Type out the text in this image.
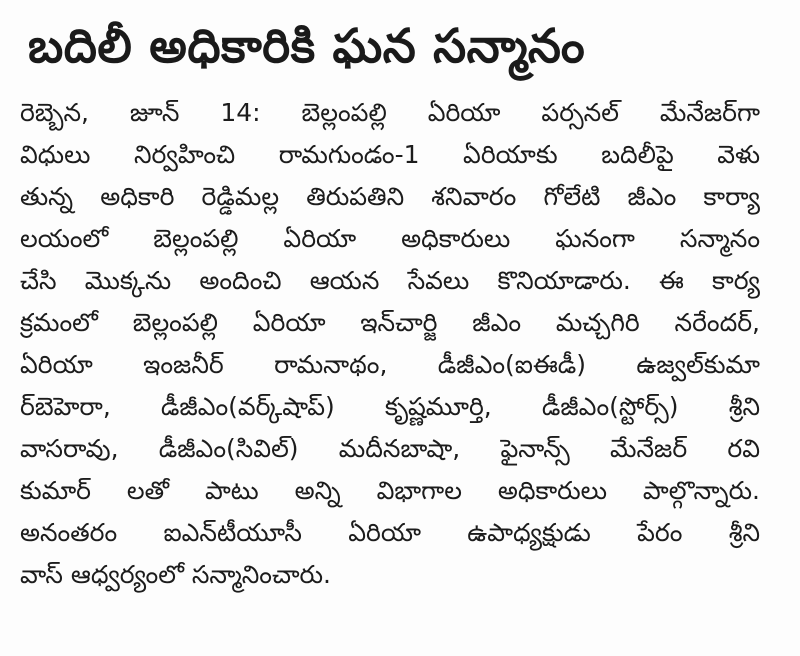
బదిలీ అధికారికి ఘన సన్మానం
రెబ్బెన, జూన్ 14: బెల్లంపల్లి ఏరియా పర్సనల్ మేనేజర్‌గా
విధులు నిర్వహించి రామగుండం-1 ఏరియాకు బదిలీపై వెళు
తున్న అధికారి రెడ్డిమల్ల తిరుపతిని శనివారం గోలేటి జీఎం కార్యా
లయంలో బెల్లంపల్లి ఏరియా అధికారులు ఘనంగా సన్మానం
చేసి మొక్కను అందించి ఆయన సేవలు కొనియాడారు. ఈ కార్య
క్రమంలో బెల్లంపల్లి ఏరియా ఇన్‌చార్జి జీఎం మచ్చగిరి నరేందర్,
ఏరియా ఇంజనీర్ రామనాథం, డీజీఎం(ఐఈడీ) ఉజ్వల్‌కుమా
ర్‌బెహెరా, డీజీఎం(వర్క్‌షాప్) కృష్ణమూర్తి, డీజీఎం(స్టోర్స్) శ్రీని
వాసరావు, డీజీఎం(సివిల్) మదీనబాషా, ఫైనాన్స్ మేనేజర్ రవి
కుమార్ లతో పాటు అన్ని విభాగాల అధికారులు పాల్గొన్నారు.
అనంతరం ఐఎన్‌టీయూసీ ఏరియా ఉపాధ్యక్షుడు పేరం శ్రీని
వాస్ ఆధ్వర్యంలో సన్మానించారు.
